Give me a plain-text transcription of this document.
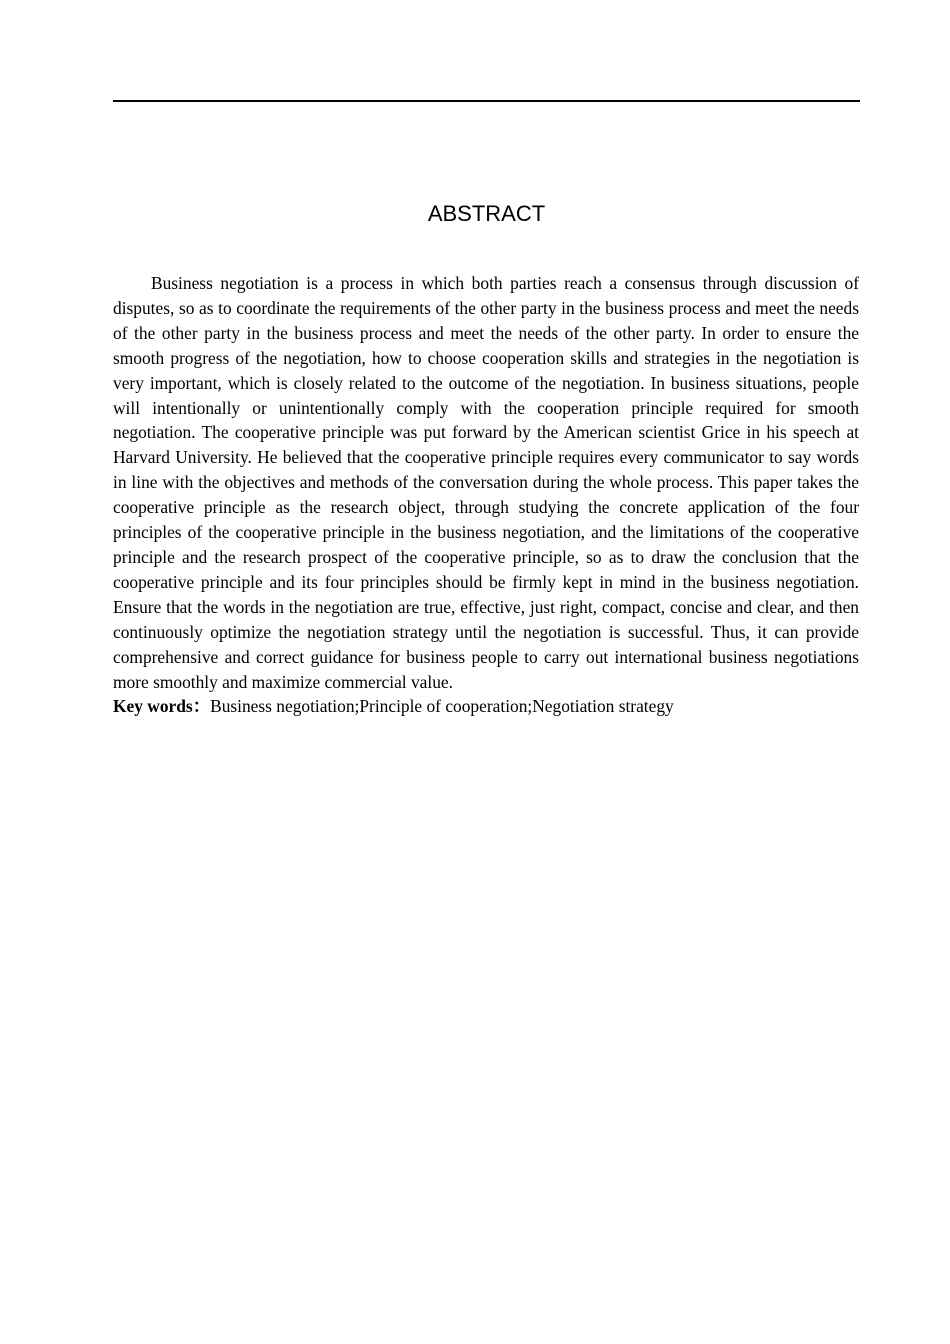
ABSTRACT

Business negotiation is a process in which both parties reach a consensus through discussion of disputes, so as to coordinate the requirements of the other party in the business process and meet the needs of the other party in the business process and meet the needs of the other party. In order to ensure the smooth progress of the negotiation, how to choose cooperation skills and strategies in the negotiation is very important, which is closely related to the outcome of the negotiation. In business situations, people will intentionally or unintentionally comply with the cooperation principle required for smooth negotiation. The cooperative principle was put forward by the American scientist Grice in his speech at Harvard University. He believed that the cooperative principle requires every communicator to say words in line with the objectives and methods of the conversation during the whole process. This paper takes the cooperative principle as the research object, through studying the concrete application of the four principles of the cooperative principle in the business negotiation, and the limitations of the cooperative principle and the research prospect of the cooperative principle, so as to draw the conclusion that the cooperative principle and its four principles should be firmly kept in mind in the business negotiation. Ensure that the words in the negotiation are true, effective, just right, compact, concise and clear, and then continuously optimize the negotiation strategy until the negotiation is successful. Thus, it can provide comprehensive and correct guidance for business people to carry out international business negotiations more smoothly and maximize commercial value.

Key words：Business negotiation;Principle of cooperation;Negotiation strategy
